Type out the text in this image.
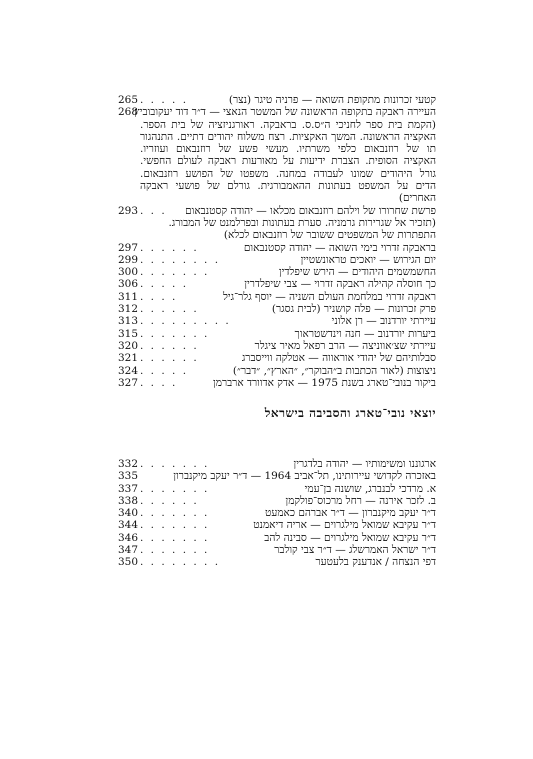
265 . . . . .	קטעי זכרונות מתקופת השואה — פרניה טיגר (נצר)
268
העיירה ראבקה בתקופה הראשונה של המשטר הנאצי — ד״ר דוד יעקובוביץ
(הקמת בית ספר לחניכי ה״ס.ס. בראבקה. ראורגניזציה של בית הספר.
האקציה הראשונה. המשך האקציות. רצח משלוח יהודים דתיים. התנהגור
תו של רוזנבאום כלפי משרתיו. מעשי פשע של רוזנבאום ועוזריו.
האקציה הסופית. הצברת ידיעות על מאורעות ראבקה לעולם החפשי.
גורל היהודים שמונו לעבודה במחנה. משפטו של הפושע רוזנבאום.
הדים על המשפט בעתונות ההאמבורגית. גורלם של פושעי ראבקה
האחרים)
293 . . .	פרשת שחרורו של וילהם רוזנבאום מכלאו — יהודה קסטנבאום
(תזכיר אל שגרירות גרמניה. סערת בעתונות ובפרלמנט של המבורג.
התפתרות של המשפטים ששובר של רוזנבאום לכלא)
297 . . . . . .	בראבקה זדרוי בימי השואה — יהודה קסטנבאום
299 . . . . . . . .	יום הגירוש — יואכים טראונשטיין
300 . . . . . . .	החשמשמים היהודים — הירש שיפלדין
306 . . . . .	כך חוסלה קהילה ראבקה זדרוי — צבי שיפלדרין
311 . . . .	ראבקה זדרוי במלחמת העולם השניה — יוסף גלר־גיל
312 . . . . . .	פרק זכרונות — פלה קושניר (לבית גסגר)
313 . . . . . . . . .	עיירתי יורדנוב — רן אלוני
315 . . . . . . .	ביערות יורדנוב — חנה וינדשטראוך
320 . . . . . .	עיירתי שצ׳אווניצה — הרב רפאל מאיר ציגלר
321 . . . . . .	סבלותיהם של יהודי אוראווה — אטלקה ווייסברג
324 . . . . .	ניצוצות (לאור הכתבות ב״הבוקר״, ״הארץ״, ״דבר״)
327 . . . .	ביקור בנובי־טארג בשנת 1975 — אדק אדוורד ארברמן
יוצאי נובי־טארג והסביבה בישראל
332 . . . . . . .	ארגוננו ומשימותיו — יהודה בלדגרין
335	באזכרה לקדושי עיירותינו, תל־אביב 1964 — ד״ר יעקב מיקנברון
337 . . . . . . .	א. מרדכי לבנברג, שושנה בן־עמי
338 . . . . . .	ב. לזכר אירנה — רחל מרכוס־פולקמן
340 . . . . . . .	ד״ר יעקב מיקנברון — ד״ר אברהם כאמעט
344 . . . . . . .	ד״ר עקיבא שמואל מילגרוים — אריה דיאמנט
346 . . . . . . .	ד״ר עקיבא שמואל מילגרוים — סבינה להב
347 . . . . . . .	ד״ר ישראל האמרשלג — ד״ר צבי קולבר
350 . . . . . . . .	דפי הנצחה / אנדענק בלעטער
